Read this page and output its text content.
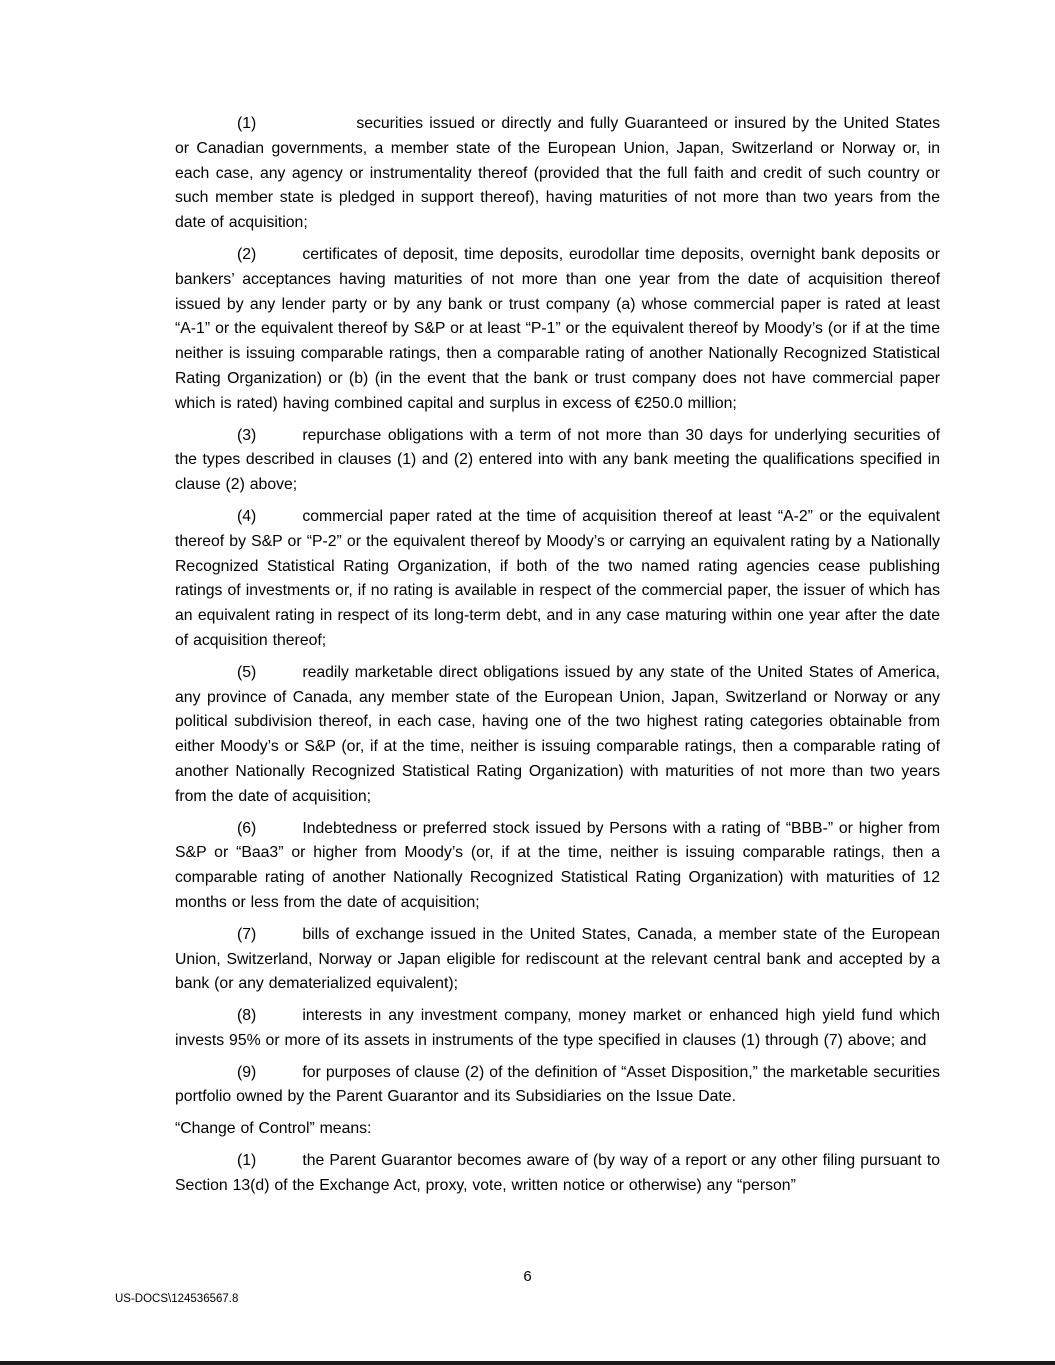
(1)	securities issued or directly and fully Guaranteed or insured by the United States or Canadian governments, a member state of the European Union, Japan, Switzerland or Norway or, in each case, any agency or instrumentality thereof (provided that the full faith and credit of such country or such member state is pledged in support thereof), having maturities of not more than two years from the date of acquisition;

(2)	certificates of deposit, time deposits, eurodollar time deposits, overnight bank deposits or bankers’ acceptances having maturities of not more than one year from the date of acquisition thereof issued by any lender party or by any bank or trust company (a) whose commercial paper is rated at least “A-1” or the equivalent thereof by S&P or at least “P-1” or the equivalent thereof by Moody’s (or if at the time neither is issuing comparable ratings, then a comparable rating of another Nationally Recognized Statistical Rating Organization) or (b) (in the event that the bank or trust company does not have commercial paper which is rated) having combined capital and surplus in excess of €250.0 million;

(3)	repurchase obligations with a term of not more than 30 days for underlying securities of the types described in clauses (1) and (2) entered into with any bank meeting the qualifications specified in clause (2) above;

(4)	commercial paper rated at the time of acquisition thereof at least “A-2” or the equivalent thereof by S&P or “P-2” or the equivalent thereof by Moody’s or carrying an equivalent rating by a Nationally Recognized Statistical Rating Organization, if both of the two named rating agencies cease publishing ratings of investments or, if no rating is available in respect of the commercial paper, the issuer of which has an equivalent rating in respect of its long-term debt, and in any case maturing within one year after the date of acquisition thereof;

(5)	readily marketable direct obligations issued by any state of the United States of America, any province of Canada, any member state of the European Union, Japan, Switzerland or Norway or any political subdivision thereof, in each case, having one of the two highest rating categories obtainable from either Moody’s or S&P (or, if at the time, neither is issuing comparable ratings, then a comparable rating of another Nationally Recognized Statistical Rating Organization) with maturities of not more than two years from the date of acquisition;

(6)	Indebtedness or preferred stock issued by Persons with a rating of “BBB-” or higher from S&P or “Baa3” or higher from Moody’s (or, if at the time, neither is issuing comparable ratings, then a comparable rating of another Nationally Recognized Statistical Rating Organization) with maturities of 12 months or less from the date of acquisition;

(7)	bills of exchange issued in the United States, Canada, a member state of the European Union, Switzerland, Norway or Japan eligible for rediscount at the relevant central bank and accepted by a bank (or any dematerialized equivalent);

(8)	interests in any investment company, money market or enhanced high yield fund which invests 95% or more of its assets in instruments of the type specified in clauses (1) through (7) above; and

(9)	for purposes of clause (2) of the definition of “Asset Disposition,” the marketable securities portfolio owned by the Parent Guarantor and its Subsidiaries on the Issue Date.

“Change of Control” means:

(1)	the Parent Guarantor becomes aware of (by way of a report or any other filing pursuant to Section 13(d) of the Exchange Act, proxy, vote, written notice or otherwise) any “person”

6
US-DOCS\124536567.8
